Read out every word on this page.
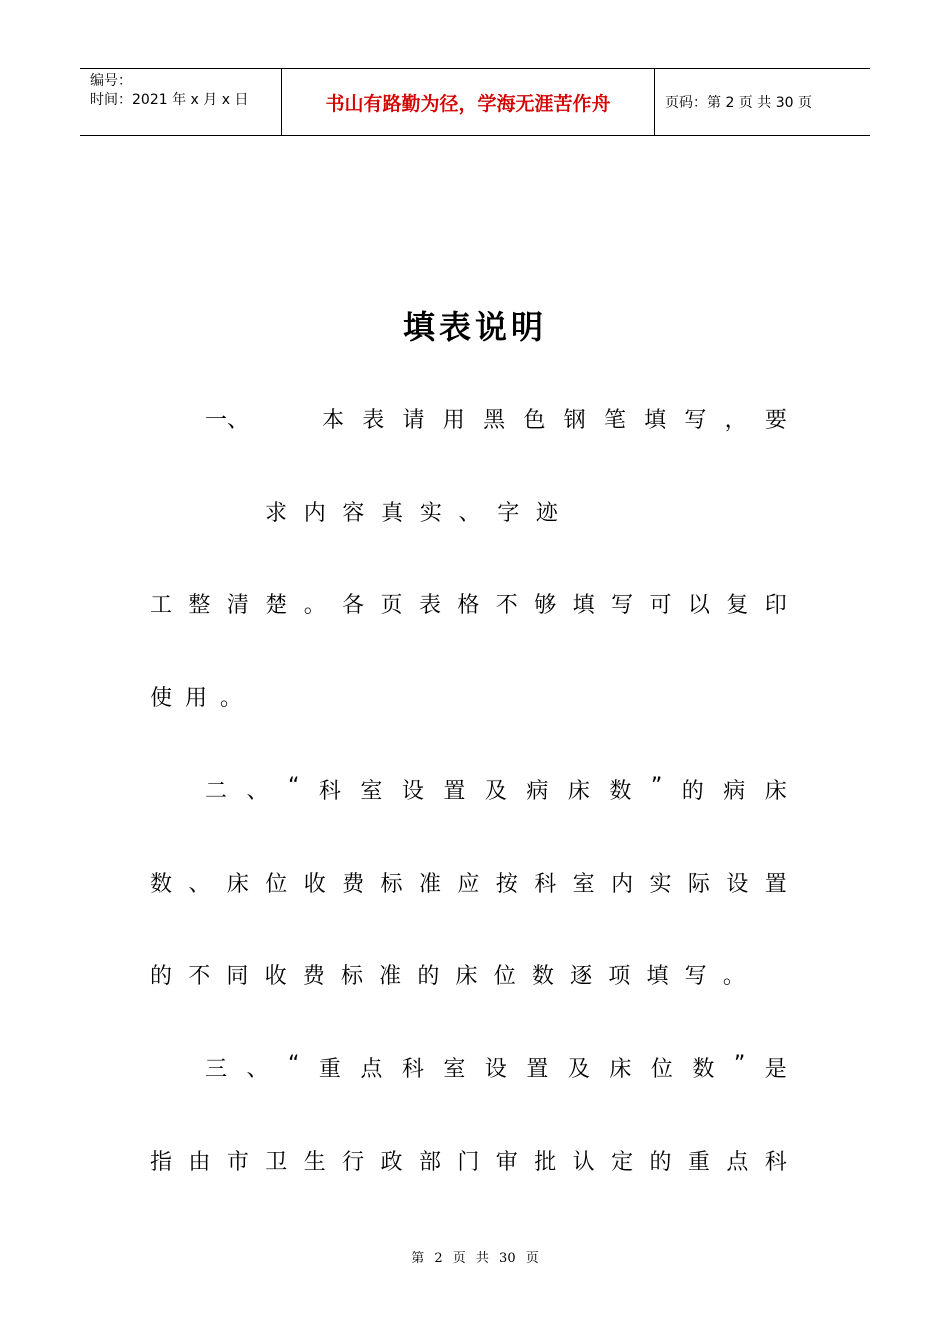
编号：
时间：2021 年 x 月 x 日	书山有路勤为径，学海无涯苦作舟	页码：第 2 页 共 30 页
填表说明
一、	本 表 请 用 黑 色 钢 笔 填 写 ， 要
求 内 容 真 实 、 字 迹
工 整 清 楚 。 各 页 表 格 不 够 填 写 可 以 复 印
使 用 。
二 、 “ 科 室 设 置 及 病 床 数 ” 的 病 床
数 、 床 位 收 费 标 准 应 按 科 室 内 实 际 设 置
的 不 同 收 费 标 准 的 床 位 数 逐 项 填 写 。
三 、 “ 重 点 科 室 设 置 及 床 位 数 ” 是
指 由 市 卫 生 行 政 部 门 审 批 认 定 的 重 点 科
第 2 页 共 30 页
